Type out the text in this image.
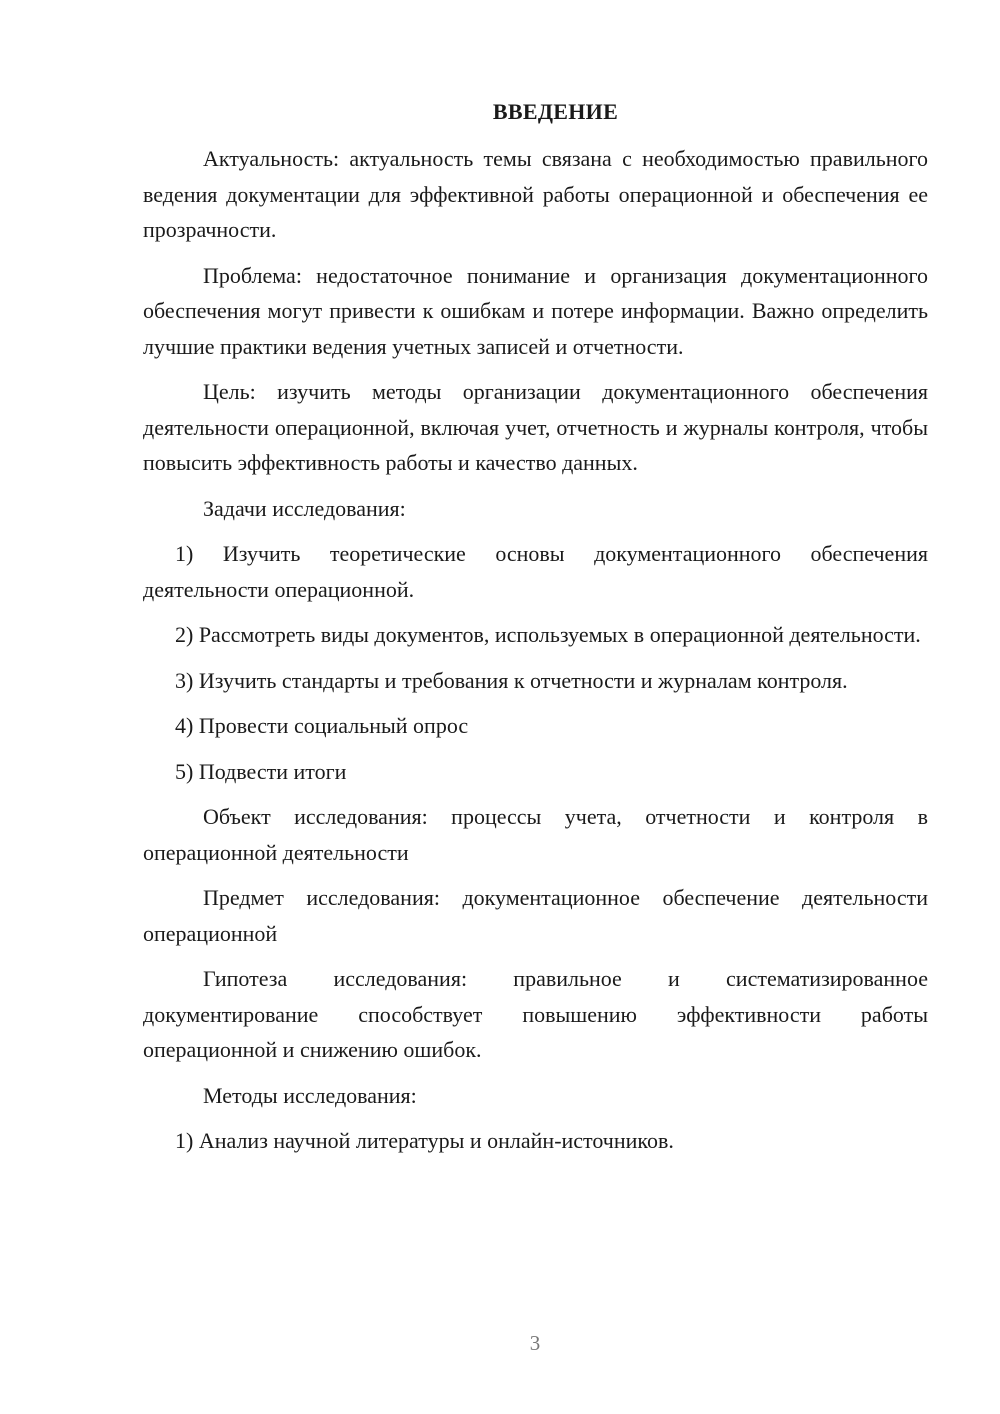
ВВЕДЕНИЕ

Актуальность: актуальность темы связана с необходимостью правильного ведения документации для эффективной работы операционной и обеспечения ее прозрачности.

Проблема: недостаточное понимание и организация документационного обеспечения могут привести к ошибкам и потере информации. Важно определить лучшие практики ведения учетных записей и отчетности.

Цель: изучить методы организации документационного обеспечения деятельности операционной, включая учет, отчетность и журналы контроля, чтобы повысить эффективность работы и качество данных.

Задачи исследования:

1) Изучить теоретические основы документационного обеспечения деятельности операционной.

2) Рассмотреть виды документов, используемых в операционной деятельности.

3) Изучить стандарты и требования к отчетности и журналам контроля.

4) Провести социальный опрос

5) Подвести итоги

Объект исследования: процессы учета, отчетности и контроля в операционной деятельности

Предмет исследования: документационное обеспечение деятельности операционной

Гипотеза исследования: правильное и систематизированное документирование способствует повышению эффективности работы операционной и снижению ошибок.

Методы исследования:

1) Анализ научной литературы и онлайн-источников.

3
